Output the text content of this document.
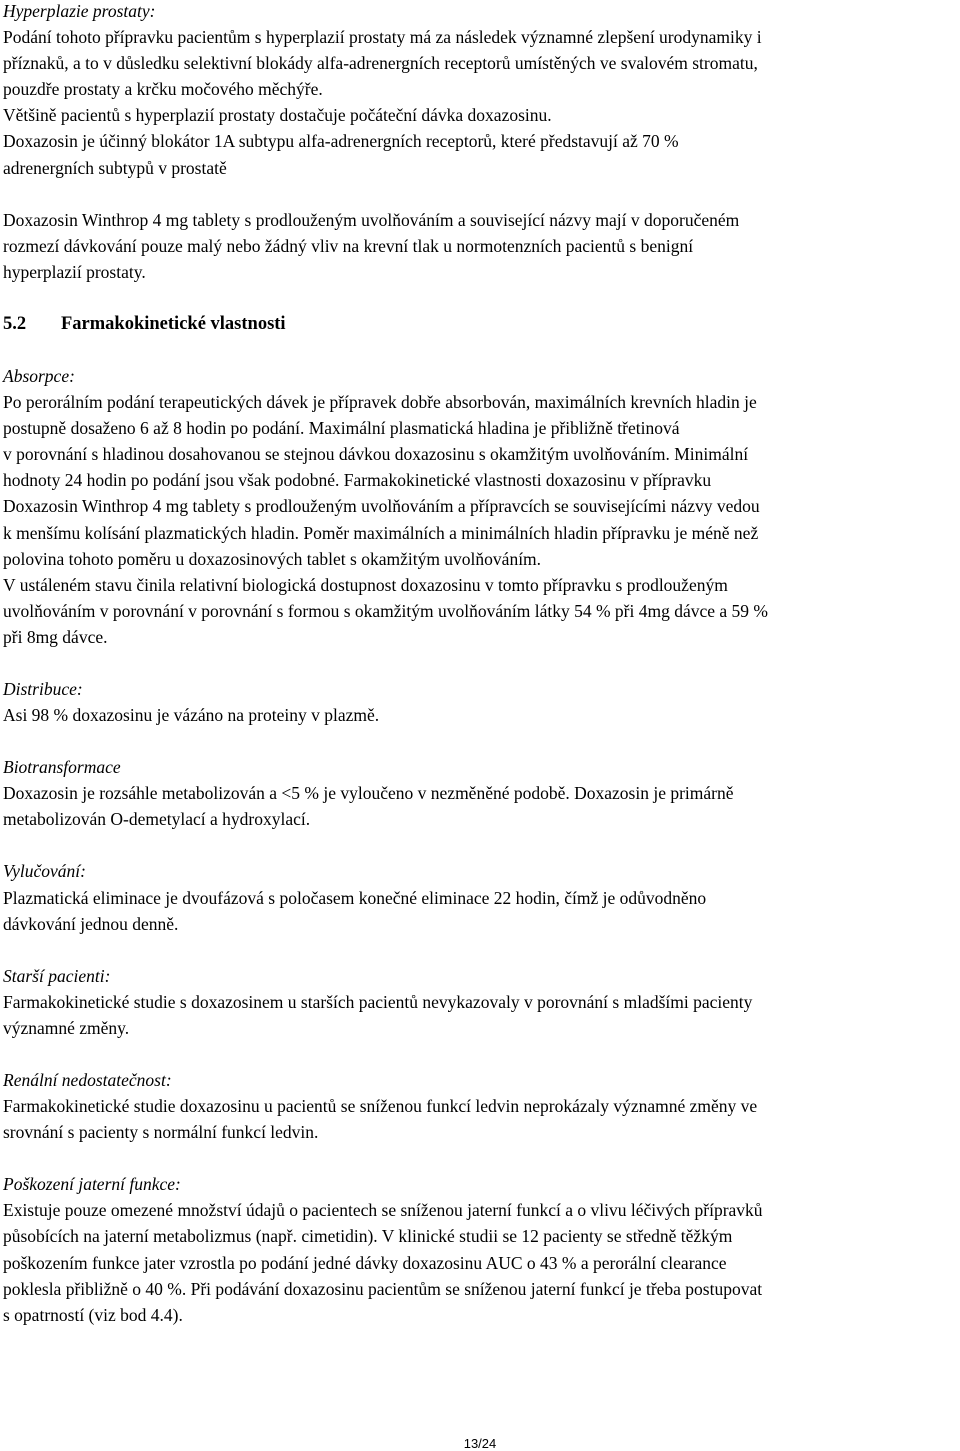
Hyperplazie prostaty:
Podání tohoto přípravku pacientům s hyperplazií prostaty má za následek významné zlepšení urodynamiky i
příznaků, a to v důsledku selektivní blokády alfa-adrenergních receptorů umístěných ve svalovém stromatu,
pouzdře prostaty a krčku močového měchýře.
Většině pacientů s hyperplazií prostaty dostačuje počáteční dávka doxazosinu.
Doxazosin je účinný blokátor 1A subtypu alfa-adrenergních receptorů, které představují až 70 %
adrenergních subtypů v prostatě
Doxazosin Winthrop 4 mg tablety s prodlouženým uvolňováním a související názvy mají v doporučeném
rozmezí dávkování pouze malý nebo žádný vliv na krevní tlak u normotenzních pacientů s benigní
hyperplazií prostaty.
5.2	Farmakokinetické vlastnosti
Absorpce:
Po perorálním podání terapeutických dávek je přípravek dobře absorbován, maximálních krevních hladin je
postupně dosaženo 6 až 8 hodin po podání. Maximální plasmatická hladina je přibližně třetinová
v porovnání s hladinou dosahovanou se stejnou dávkou doxazosinu s okamžitým uvolňováním. Minimální
hodnoty 24 hodin po podání jsou však podobné. Farmakokinetické vlastnosti doxazosinu v přípravku
Doxazosin Winthrop 4 mg tablety s prodlouženým uvolňováním a přípravcích se souvisejícími názvy vedou
k menšímu kolísání plazmatických hladin. Poměr maximálních a minimálních hladin přípravku je méně než
polovina tohoto poměru u doxazosinových tablet s okamžitým uvolňováním.
V ustáleném stavu činila relativní biologická dostupnost doxazosinu v tomto přípravku s prodlouženým
uvolňováním v porovnání v porovnání s formou s okamžitým uvolňováním látky 54 % při 4mg dávce a 59 %
při 8mg dávce.
Distribuce:
Asi 98 % doxazosinu je vázáno na proteiny v plazmě.
Biotransformace
Doxazosin je rozsáhle metabolizován a <5 % je vyloučeno v nezměněné podobě. Doxazosin je primárně
metabolizován O-demetylací a hydroxylací.
Vylučování:
Plazmatická eliminace je dvoufázová s poločasem konečné eliminace 22 hodin, čímž je odůvodněno
dávkování jednou denně.
Starší pacienti:
Farmakokinetické studie s doxazosinem u starších pacientů nevykazovaly v porovnání s mladšími pacienty
významné změny.
Renální nedostatečnost:
Farmakokinetické studie doxazosinu u pacientů se sníženou funkcí ledvin neprokázaly významné změny ve
srovnání s pacienty s normální funkcí ledvin.
Poškození jaterní funkce:
Existuje pouze omezené množství údajů o pacientech se sníženou jaterní funkcí a o vlivu léčivých přípravků
působících na jaterní metabolizmus (např. cimetidin). V klinické studii se 12 pacienty se středně těžkým
poškozením funkce jater vzrostla po podání jedné dávky doxazosinu AUC o 43 % a perorální clearance
poklesla přibližně o 40 %. Při podávání doxazosinu pacientům se sníženou jaterní funkcí je třeba postupovat
s opatrností (viz bod 4.4).
13/24
